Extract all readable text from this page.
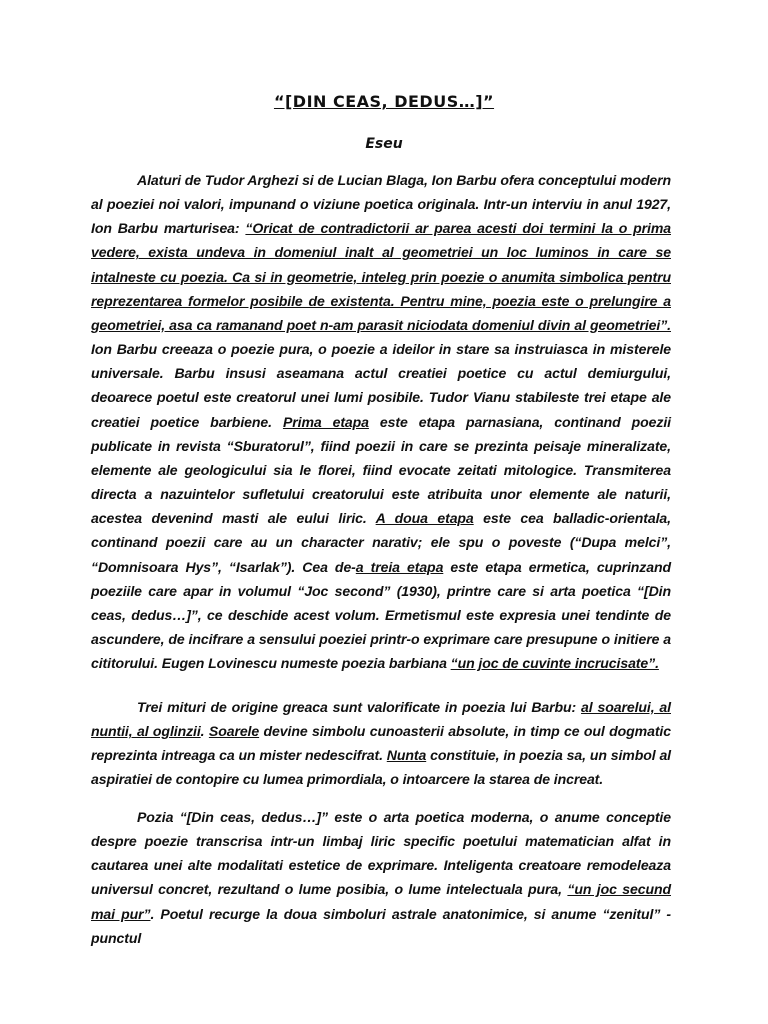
“[DIN CEAS, DEDUS…]”
Eseu

Alaturi de Tudor Arghezi si de Lucian Blaga, Ion Barbu ofera conceptului modern al poeziei noi valori, impunand o viziune poetica originala. Intr-un interviu in anul 1927, Ion Barbu marturisea: “Oricat de contradictorii ar parea acesti doi termini la o prima vedere, exista undeva in domeniul inalt al geometriei un loc luminos in care se intalneste cu poezia. Ca si in geometrie, inteleg prin poezie o anumita simbolica pentru reprezentarea formelor posibile de existenta. Pentru mine, poezia este o prelungire a geometriei, asa ca ramanand poet n-am parasit niciodata domeniul divin al geometriei”. Ion Barbu creeaza o poezie pura, o poezie a ideilor in stare sa instruiasca in misterele universale. Barbu insusi aseamana actul creatiei poetice cu actul demiurgului, deoarece poetul este creatorul unei lumi posibile. Tudor Vianu stabileste trei etape ale creatiei poetice barbiene. Prima etapa este etapa parnasiana, continand poezii publicate in revista “Sburatorul”, fiind poezii in care se prezinta peisaje mineralizate, elemente ale geologicului sia le florei, fiind evocate zeitati mitologice. Transmiterea directa a nazuintelor sufletului creatorului este atribuita unor elemente ale naturii, acestea devenind masti ale eului liric. A doua etapa este cea balladic-orientala, continand poezii care au un character narativ; ele spu o poveste (“Dupa melci”, “Domnisoara Hys”, “Isarlak”). Cea de-a treia etapa este etapa ermetica, cuprinzand poeziile care apar in volumul “Joc second” (1930), printre care si arta poetica “[Din ceas, dedus…]”, ce deschide acest volum. Ermetismul este expresia unei tendinte de ascundere, de incifrare a sensului poeziei printr-o exprimare care presupune o initiere a cititorului. Eugen Lovinescu numeste poezia barbiana “un joc de cuvinte incrucisate”.

Trei mituri de origine greaca sunt valorificate in poezia lui Barbu: al soarelui, al nuntii, al oglinzii. Soarele devine simbolu cunoasterii absolute, in timp ce oul dogmatic reprezinta intreaga ca un mister nedescifrat. Nunta constituie, in poezia sa, un simbol al aspiratiei de contopire cu lumea primordiala, o intoarcere la starea de increat.

Pozia “[Din ceas, dedus…]” este o arta poetica moderna, o anume conceptie despre poezie transcrisa intr-un limbaj liric specific poetului matematician alfat in cautarea unei alte modalitati estetice de exprimare. Inteligenta creatoare remodeleaza universul concret, rezultand o lume posibia, o lume intelectuala pura, “un joc secund mai pur”. Poetul recurge la doua simboluri astrale anatonimice, si anume “zenitul” - punctul
